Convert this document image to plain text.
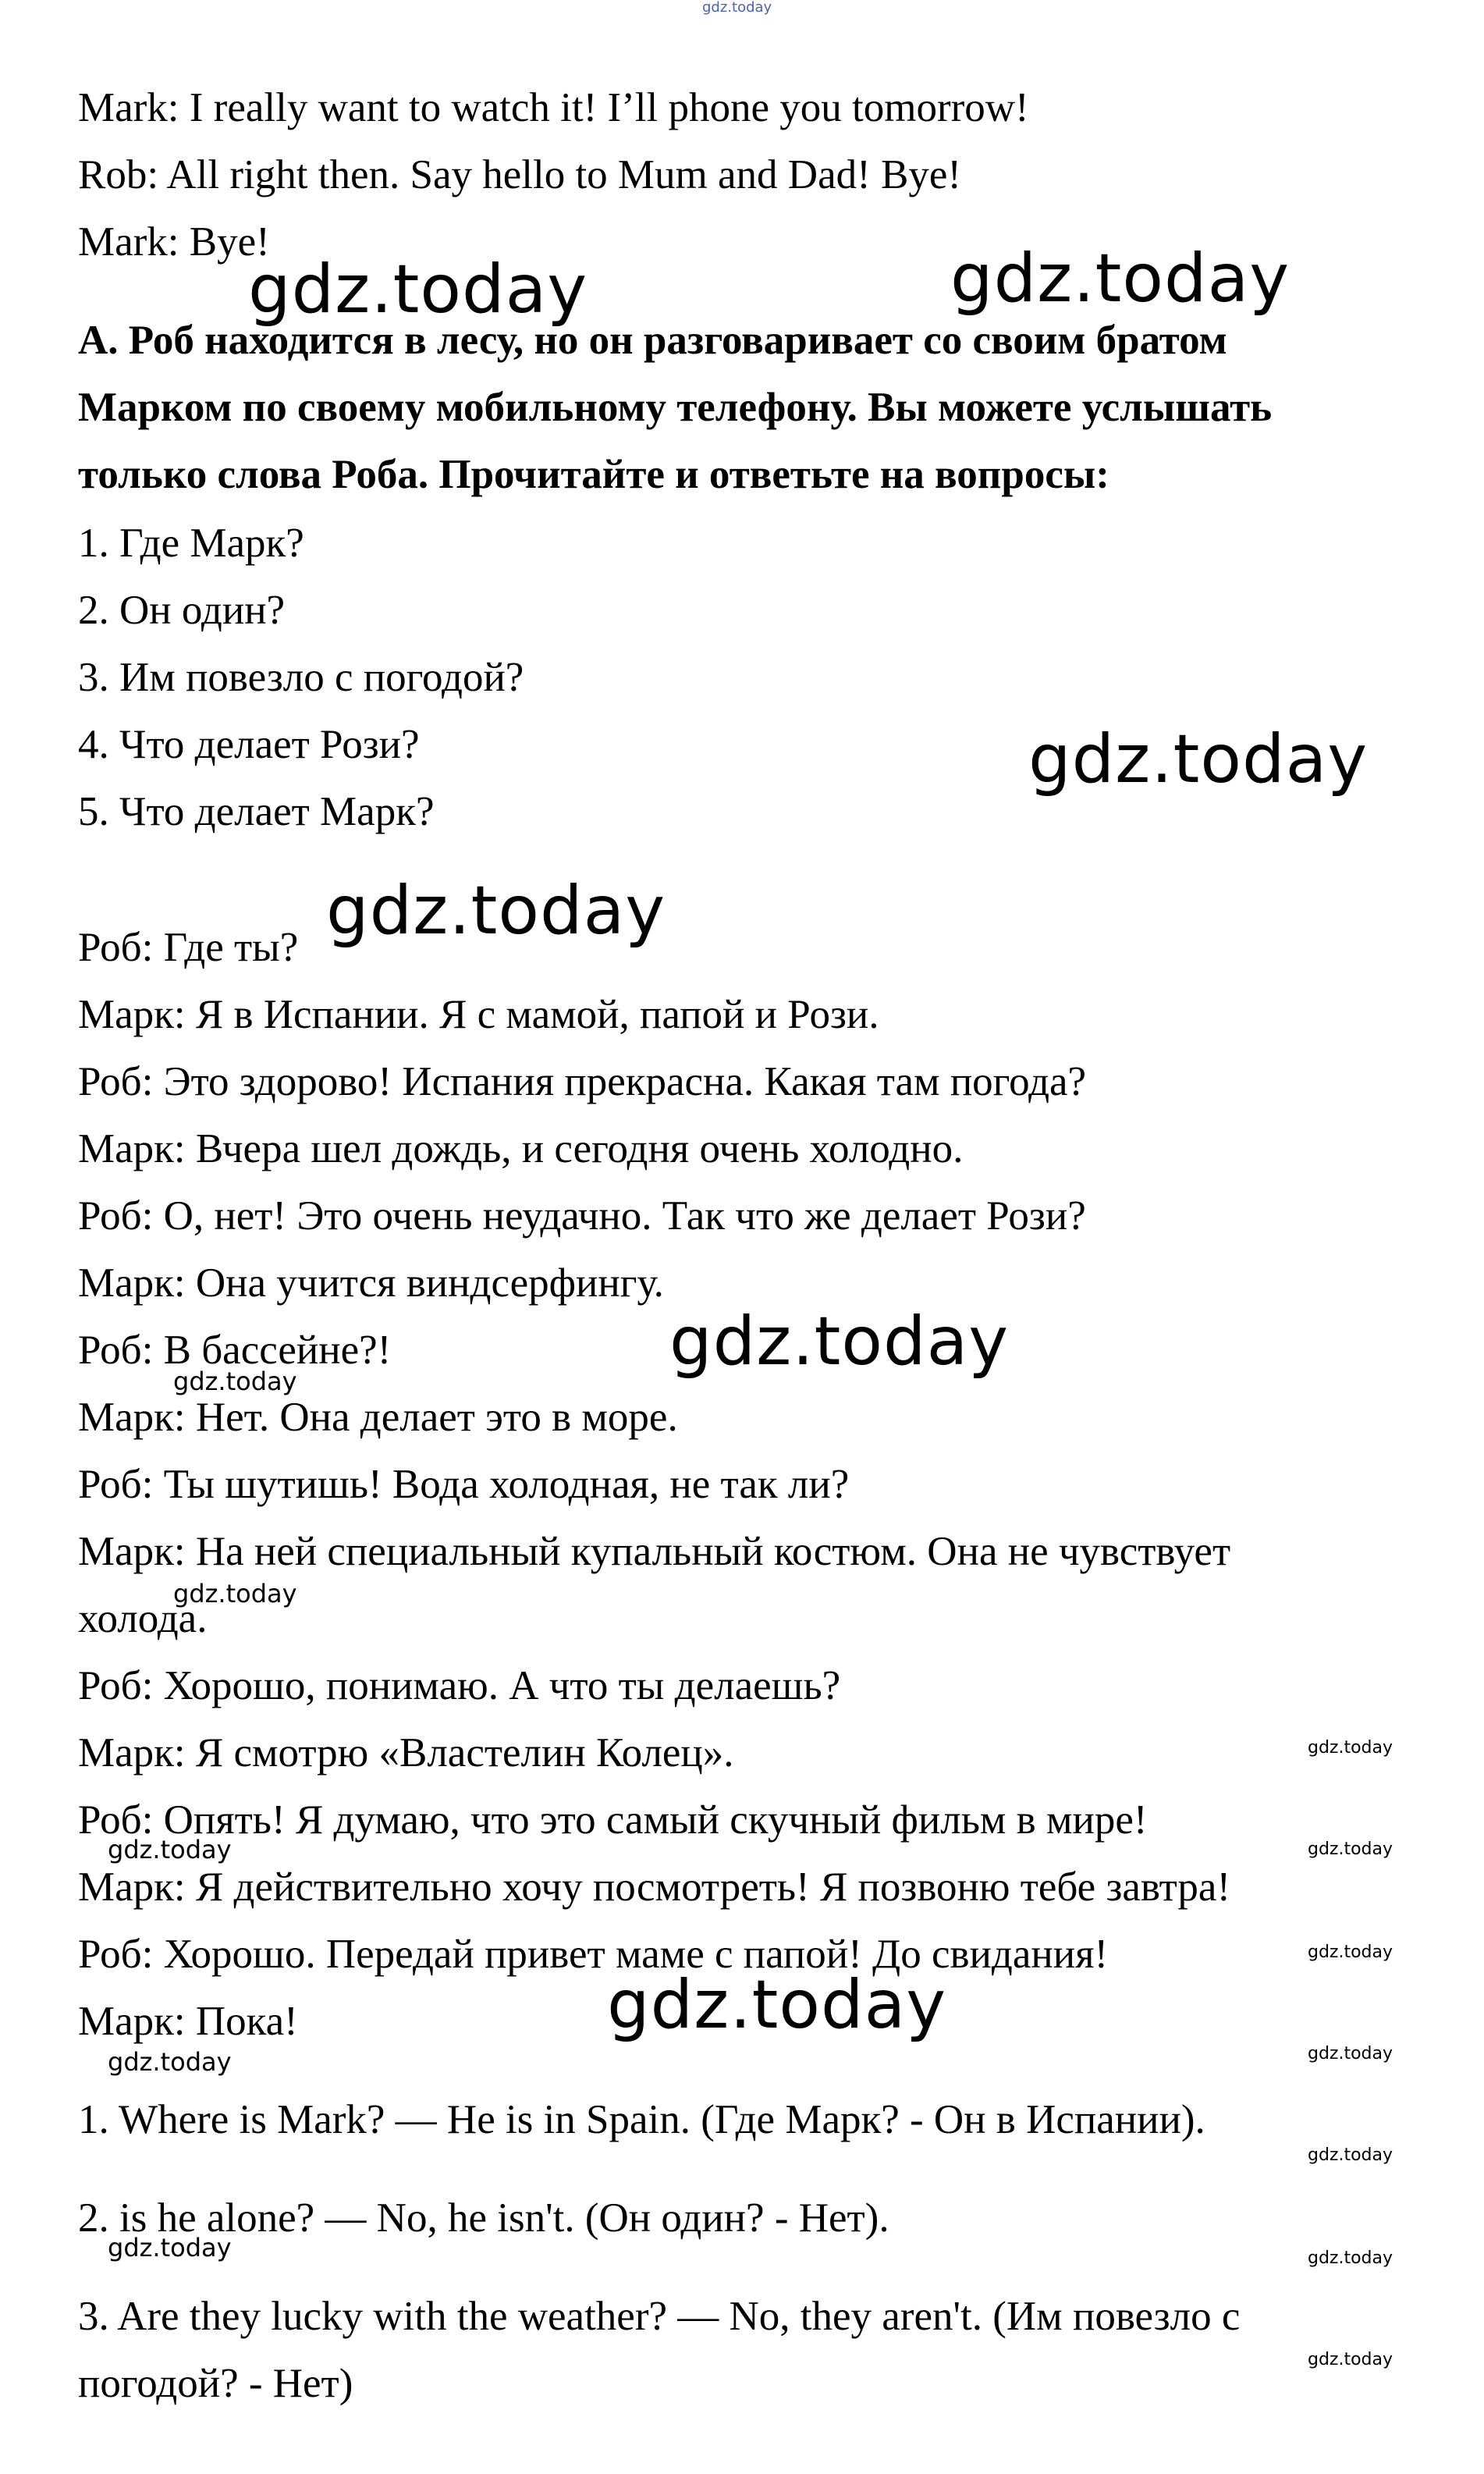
gdz.today
Mark: I really want to watch it! I’ll phone you tomorrow!
Rob: All right then. Say hello to Mum and Dad! Bye!
Mark: Bye!
A. Роб находится в лесу, но он разговаривает со своим братом
Марком по своему мобильному телефону. Вы можете услышать
только слова Роба. Прочитайте и ответьте на вопросы:
1. Где Марк?
2. Он один?
3. Им повезло с погодой?
4. Что делает Рози?
5. Что делает Марк?
Роб: Где ты?
Марк: Я в Испании. Я с мамой, папой и Рози.
Роб: Это здорово! Испания прекрасна. Какая там погода?
Марк: Вчера шел дождь, и сегодня очень холодно.
Роб: О, нет! Это очень неудачно. Так что же делает Рози?
Марк: Она учится виндсерфингу.
Роб: В бассейне?!
Марк: Нет. Она делает это в море.
Роб: Ты шутишь! Вода холодная, не так ли?
Марк: На ней специальный купальный костюм. Она не чувствует
холода.
Роб: Хорошо, понимаю. А что ты делаешь?
Марк: Я смотрю «Властелин Колец».
Роб: Опять! Я думаю, что это самый скучный фильм в мире!
Марк: Я действительно хочу посмотреть! Я позвоню тебе завтра!
Роб: Хорошо. Передай привет маме с папой! До свидания!
Марк: Пока!
1. Where is Mark? — He is in Spain. (Где Марк? - Он в Испании).
2. is he alone? — No, he isn't. (Он один? - Нет).
3. Are they lucky with the weather? — No, they aren't. (Им повезло с
погодой? - Нет)
gdz.today	gdz.today
gdz.today
gdz.today
gdz.today
gdz.today
gdz.today
gdz.today
gdz.today
gdz.today
gdz.today
gdz.today
gdz.today
gdz.today
gdz.today
gdz.today
gdz.today
gdz.today
